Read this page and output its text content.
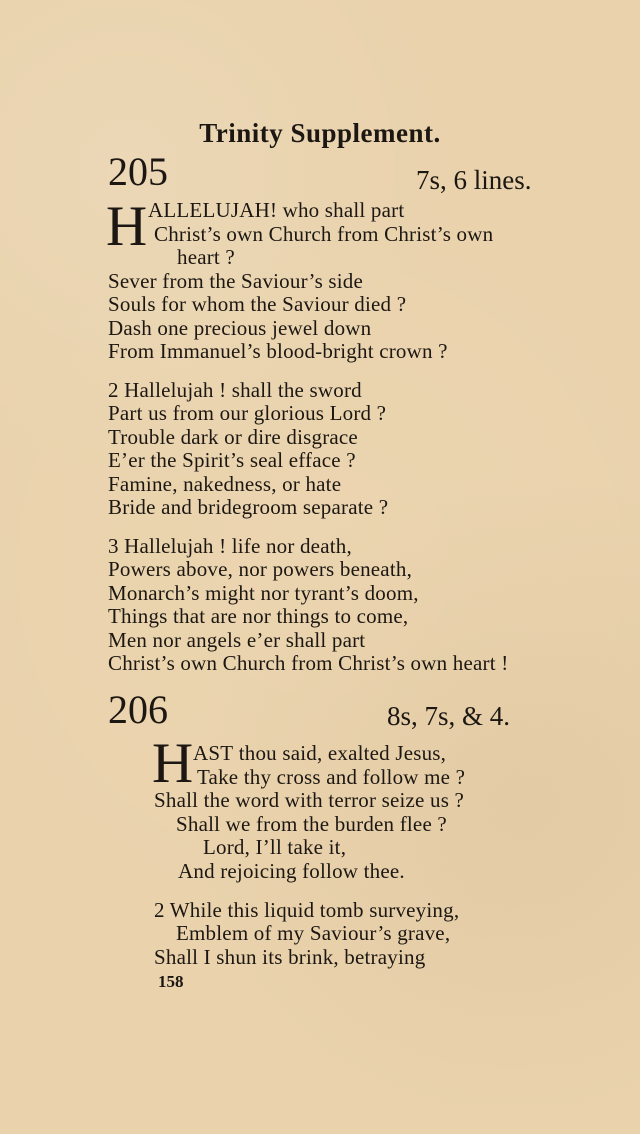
Trinity Supplement.
205	7s, 6 lines.
H ALLELUJAH! who shall part
Christ’s own Church from Christ’s own
heart ?
Sever from the Saviour’s side
Souls for whom the Saviour died ?
Dash one precious jewel down
From Immanuel’s blood-bright crown ?
2 Hallelujah ! shall the sword
Part us from our glorious Lord ?
Trouble dark or dire disgrace
E’er the Spirit’s seal efface ?
Famine, nakedness, or hate
Bride and bridegroom separate ?
3 Hallelujah ! life nor death,
Powers above, nor powers beneath,
Monarch’s might nor tyrant’s doom,
Things that are nor things to come,
Men nor angels e’er shall part
Christ’s own Church from Christ’s own heart !
206	8s, 7s, & 4.
H AST thou said, exalted Jesus,
Take thy cross and follow me ?
Shall the word with terror seize us ?
Shall we from the burden flee ?
Lord, I’ll take it,
And rejoicing follow thee.
2 While this liquid tomb surveying,
Emblem of my Saviour’s grave,
Shall I shun its brink, betraying
158
